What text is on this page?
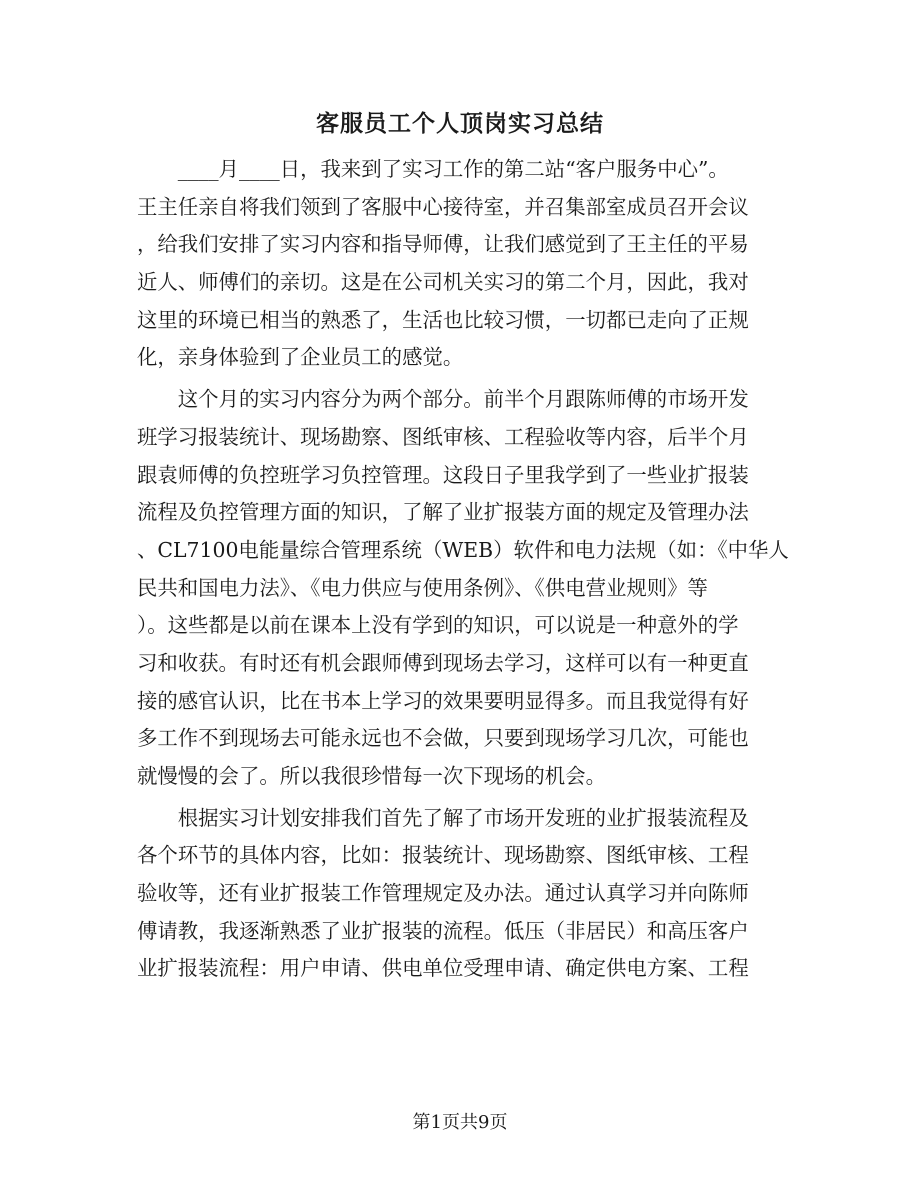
客服员工个人顶岗实习总结
　　____月____日，我来到了实习工作的第二站“客户服务中心”。
王主任亲自将我们领到了客服中心接待室，并召集部室成员召开会议
，给我们安排了实习内容和指导师傅，让我们感觉到了王主任的平易
近人、师傅们的亲切。这是在公司机关实习的第二个月，因此，我对
这里的环境已相当的熟悉了，生活也比较习惯，一切都已走向了正规
化，亲身体验到了企业员工的感觉。
　　这个月的实习内容分为两个部分。前半个月跟陈师傅的市场开发
班学习报装统计、现场勘察、图纸审核、工程验收等内容，后半个月
跟袁师傅的负控班学习负控管理。这段日子里我学到了一些业扩报装
流程及负控管理方面的知识，了解了业扩报装方面的规定及管理办法
、CL7100电能量综合管理系统（WEB）软件和电力法规（如：《中华人
民共和国电力法》、《电力供应与使用条例》、《供电营业规则》等
）。这些都是以前在课本上没有学到的知识，可以说是一种意外的学
习和收获。有时还有机会跟师傅到现场去学习，这样可以有一种更直
接的感官认识，比在书本上学习的效果要明显得多。而且我觉得有好
多工作不到现场去可能永远也不会做，只要到现场学习几次，可能也
就慢慢的会了。所以我很珍惜每一次下现场的机会。
　　根据实习计划安排我们首先了解了市场开发班的业扩报装流程及
各个环节的具体内容，比如：报装统计、现场勘察、图纸审核、工程
验收等，还有业扩报装工作管理规定及办法。通过认真学习并向陈师
傅请教，我逐渐熟悉了业扩报装的流程。低压（非居民）和高压客户
业扩报装流程：用户申请、供电单位受理申请、确定供电方案、工程
第1页共9页
